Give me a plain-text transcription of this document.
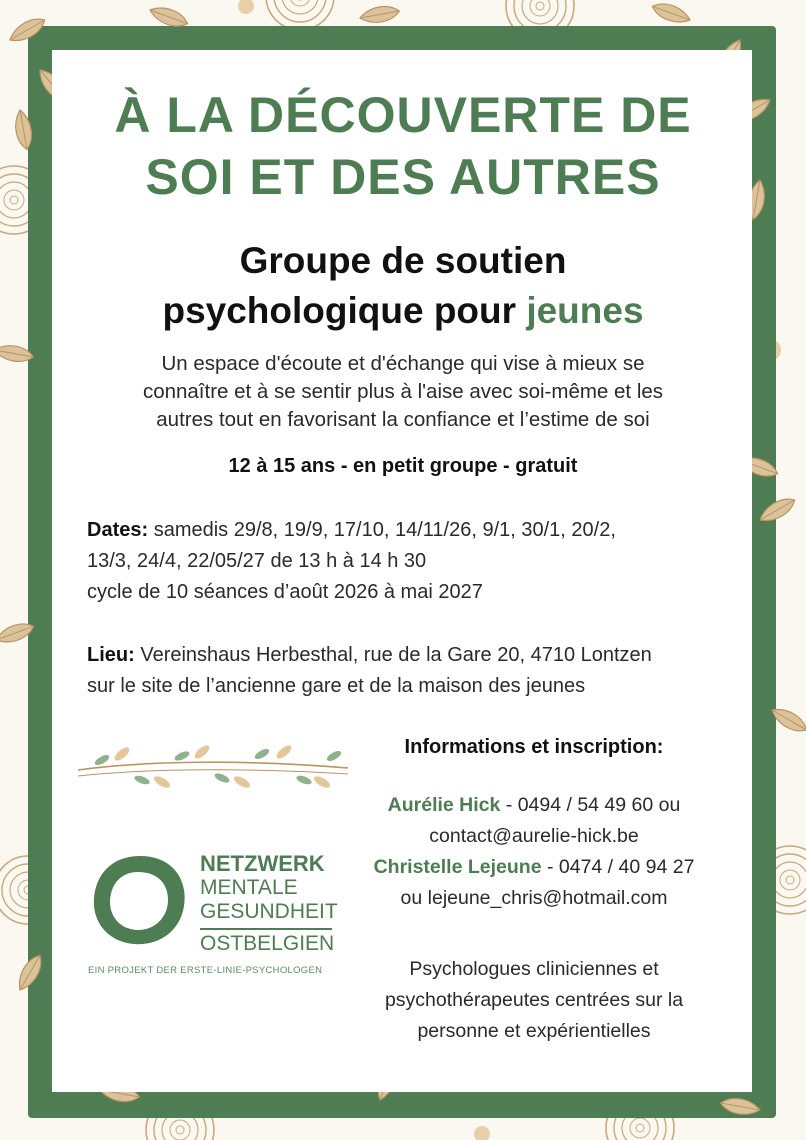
À LA DÉCOUVERTE DE
SOI ET DES AUTRES
Groupe de soutien
psychologique pour jeunes
Un espace d'écoute et d'échange qui vise à mieux se
connaître et à se sentir plus à l'aise avec soi-même et les
autres tout en favorisant la confiance et l’estime de soi
12 à 15 ans - en petit groupe - gratuit
Dates: samedis 29/8, 19/9, 17/10, 14/11/26, 9/1, 30/1, 20/2,
13/3, 24/4, 22/05/27 de 13 h à 14 h 30
cycle de 10 séances d’août 2026 à mai 2027
Lieu: Vereinshaus Herbesthal, rue de la Gare 20, 4710 Lontzen
sur le site de l’ancienne gare et de la maison des jeunes
NETZWERK
MENTALE
GESUNDHEIT
OSTBELGIEN
EIN PROJEKT DER ERSTE-LINIE-PSYCHOLOGEN
Informations et inscription:
Aurélie Hick - 0494 / 54 49 60 ou
contact@aurelie-hick.be
Christelle Lejeune - 0474 / 40 94 27
ou lejeune_chris@hotmail.com
Psychologues cliniciennes et
psychothérapeutes centrées sur la
personne et expérientielles
